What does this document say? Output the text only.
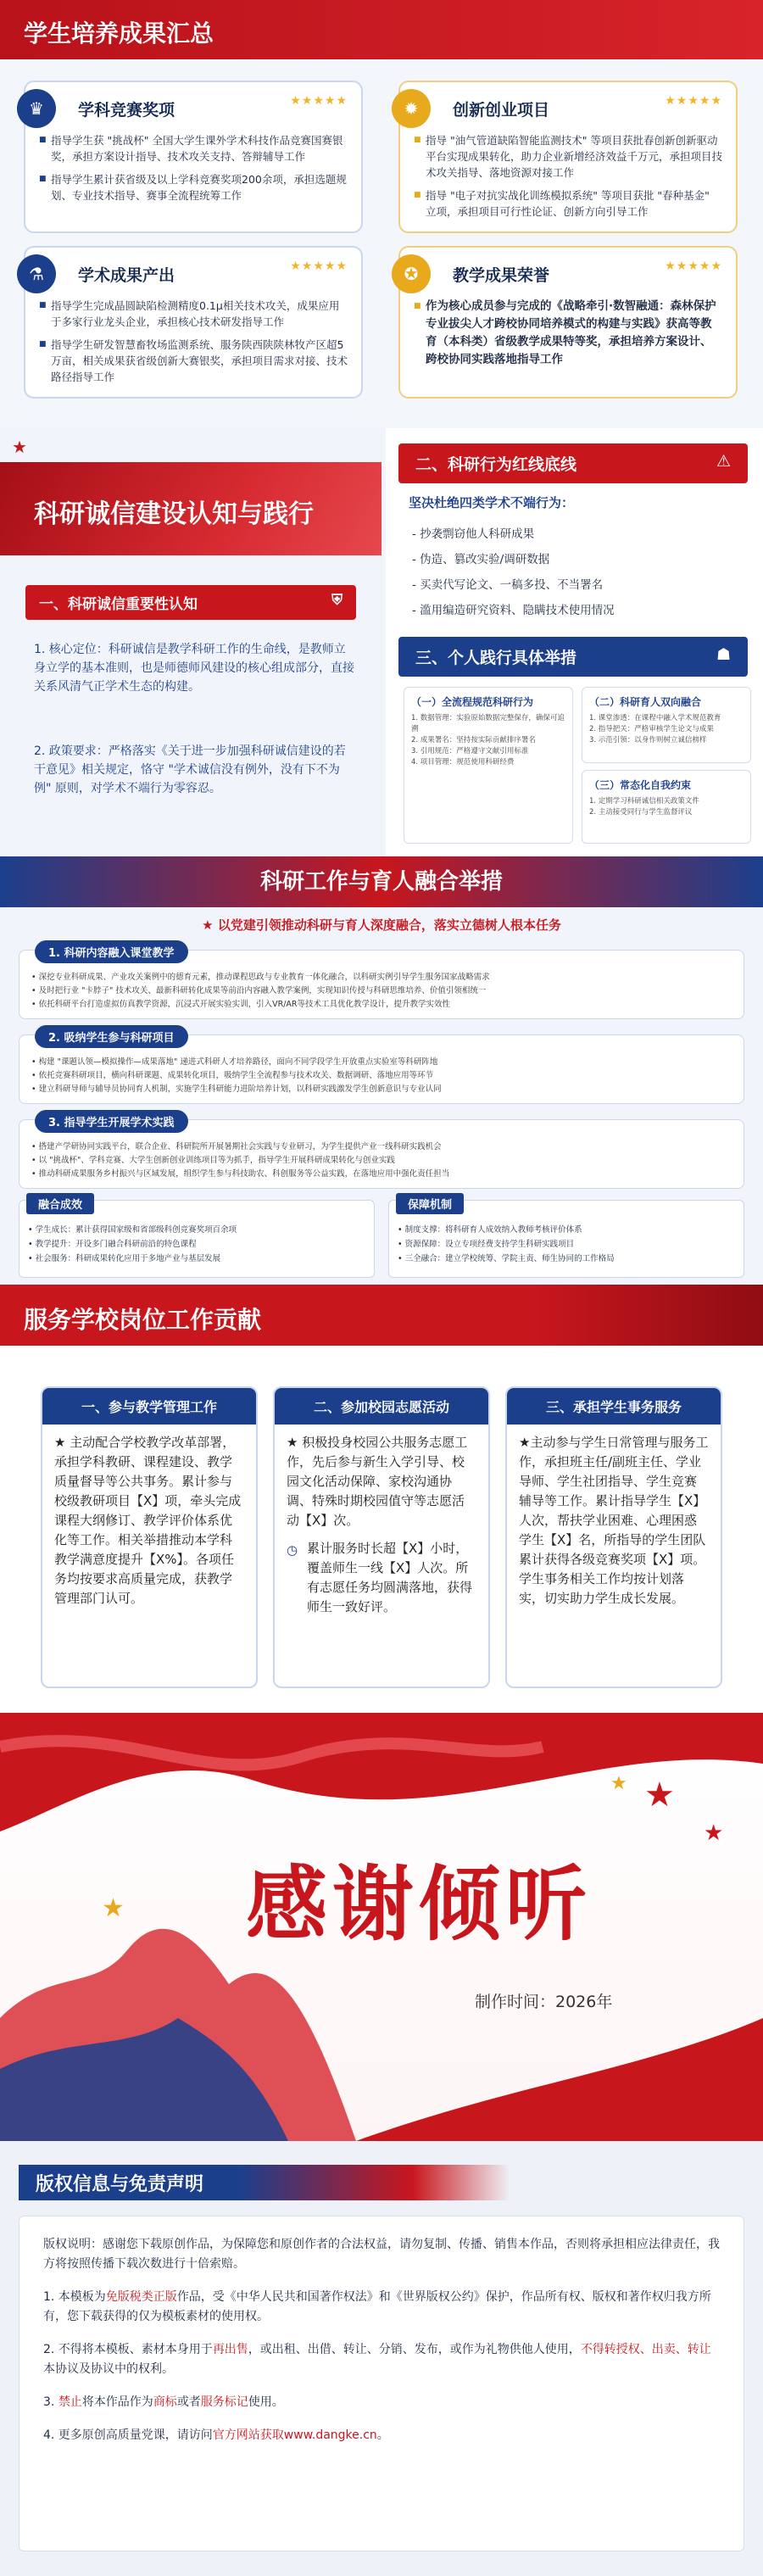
学生培养成果汇总
♛	学科竞赛奖项	★★★★★
■ 指导学生获 "挑战杯" 全国大学生课外学术科技作品竞赛国赛银奖，承担方案设计指导、技术攻关支持、答辩辅导工作
■ 指导学生累计获省级及以上学科竞赛奖项200余项，承担选题规划、专业技术指导、赛事全流程统筹工作
✹	创新创业项目	★★★★★
■ 指导 "油气管道缺陷智能监测技术" 等项目获批春创新创新驱动平台实现成果转化，助力企业新增经济效益千万元，承担项目技术攻关指导、落地资源对接工作
■ 指导 "电子对抗实战化训练模拟系统" 等项目获批 "春种基金" 立项，承担项目可行性论证、创新方向引导工作
⚗	学术成果产出	★★★★★
■ 指导学生完成晶圆缺陷检测精度0.1μ相关技术攻关，成果应用于多家行业龙头企业，承担核心技术研发指导工作
■ 指导学生研发智慧畜牧场监测系统、服务陕西陕陕林牧产区超5万亩，相关成果获省级创新大赛银奖，承担项目需求对接、技术路径指导工作
✪	教学成果荣誉	★★★★★
■ 作为核心成员参与完成的《战略牵引·数智融通：森林保护专业拔尖人才跨校协同培养模式的构建与实践》获高等教育（本科类）省级教学成果特等奖，承担培养方案设计、跨校协同实践落地指导工作
科研诚信建设认知与践行
★
一、科研诚信重要性认知	⛨

1. 核心定位：科研诚信是教学科研工作的生命线，是教师立身立学的基本准则，也是师德师风建设的核心组成部分，直接关系风清气正学术生态的构建。

2. 政策要求：严格落实《关于进一步加强科研诚信建设的若干意见》相关规定，恪守 "学术诚信没有例外，没有下不为例" 原则，对学术不端行为零容忍。

二、科研行为红线底线	⚠
坚决杜绝四类学术不端行为：
- 抄袭剽窃他人科研成果
- 伪造、篡改实验/调研数据
- 买卖代写论文、一稿多投、不当署名
- 滥用编造研究资料、隐瞒技术使用情况
三、个人践行具体举措	☗
（一）全流程规范科研行为
1. 数据管理：实验原始数据完整保存，确保可追溯
2. 成果署名：坚持按实际贡献排序署名
3. 引用规范：严格遵守文献引用标准
4. 项目管理：规范使用科研经费
（二）科研育人双向融合
1. 课堂渗透：在课程中融入学术规范教育
2. 指导把关：严格审核学生论文与成果
3. 示范引领：以身作则树立诚信榜样
（三）常态化自我约束
1. 定期学习科研诚信相关政策文件
2. 主动接受同行与学生监督评议
科研工作与育人融合举措
★ 以党建引领推动科研与育人深度融合，落实立德树人根本任务
1. 科研内容融入课堂教学
• 深挖专业科研成果、产业攻关案例中的德育元素，推动课程思政与专业教育一体化融合，以科研实例引导学生服务国家战略需求
• 及时把行业 "卡脖子" 技术攻关、最新科研转化成果等前沿内容融入教学案例，实现知识传授与科研思维培养、价值引领相统一
• 依托科研平台打造虚拟仿真教学资源，沉浸式开展实验实训，引入VR/AR等技术工具优化教学设计，提升教学实效性
2. 吸纳学生参与科研项目
• 构建 "课题认领—模拟操作—成果落地" 递进式科研人才培养路径，面向不同学段学生开放重点实验室等科研阵地
• 依托竞赛科研项目，横向科研课题、成果转化项目，吸纳学生全流程参与技术攻关、数据调研、落地应用等环节
• 建立科研导师与辅导员协同育人机制，实施学生科研能力进阶培养计划，以科研实践激发学生创新意识与专业认同
3. 指导学生开展学术实践
• 搭建产学研协同实践平台，联合企业、科研院所开展暑期社会实践与专业研习，为学生提供产业一线科研实践机会
• 以 "挑战杯"、学科竞赛、大学生创新创业训练项目等为抓手，指导学生开展科研成果转化与创业实践
• 推动科研成果服务乡村振兴与区域发展，组织学生参与科技助农、科创服务等公益实践，在落地应用中强化责任担当
融合成效
• 学生成长：累计获得国家级和省部级科创竞赛奖项百余项
• 教学提升：开设多门融合科研前沿的特色课程
• 社会服务：科研成果转化应用于多地产业与基层发展
保障机制
• 制度支撑：将科研育人成效纳入教师考核评价体系
• 资源保障：设立专项经费支持学生科研实践项目
• 三全融合：建立学校统筹、学院主责、师生协同的工作格局
服务学校岗位工作贡献
一、参与教学管理工作
★ 主动配合学校教学改革部署，承担学科教研、课程建设、教学质量督导等公共事务。累计参与校级教研项目【X】项，牵头完成课程大纲修订、教学评价体系优化等工作。相关举措推动本学科教学满意度提升【X%】。各项任务均按要求高质量完成，获教学管理部门认可。
二、参加校园志愿活动
★ 积极投身校园公共服务志愿工作，先后参与新生入学引导、校园文化活动保障、家校沟通协调、特殊时期校园值守等志愿活动【X】次。
◷ 累计服务时长超【X】小时，覆盖师生一线【X】人次。所有志愿任务均圆满落地，获得师生一致好评。
三、承担学生事务服务
★主动参与学生日常管理与服务工作，承担班主任/副班主任、学业导师、学生社团指导、学生竞赛辅导等工作。累计指导学生【X】人次，帮扶学业困难、心理困惑学生【X】名，所指导的学生团队累计获得各级竞赛奖项【X】项。学生事务相关工作均按计划落实，切实助力学生成长发展。
★
★
★
★ 感谢倾听
制作时间：2026年
版权信息与免责声明

版权说明：感谢您下载原创作品，为保障您和原创作者的合法权益，请勿复制、传播、销售本作品，否则将承担相应法律责任，我方将按照传播下载次数进行十倍索赔。

1. 本模板为免版税类正版作品，受《中华人民共和国著作权法》和《世界版权公约》保护，作品所有权、版权和著作权归我方所有，您下载获得的仅为模板素材的使用权。

2. 不得将本模板、素材本身用于再出售，或出租、出借、转让、分销、发布，或作为礼物供他人使用，不得转授权、出卖、转让本协议及协议中的权利。

3. 禁止将本作品作为商标或者服务标记使用。

4. 更多原创高质量党课，请访问官方网站获取www.dangke.cn。
